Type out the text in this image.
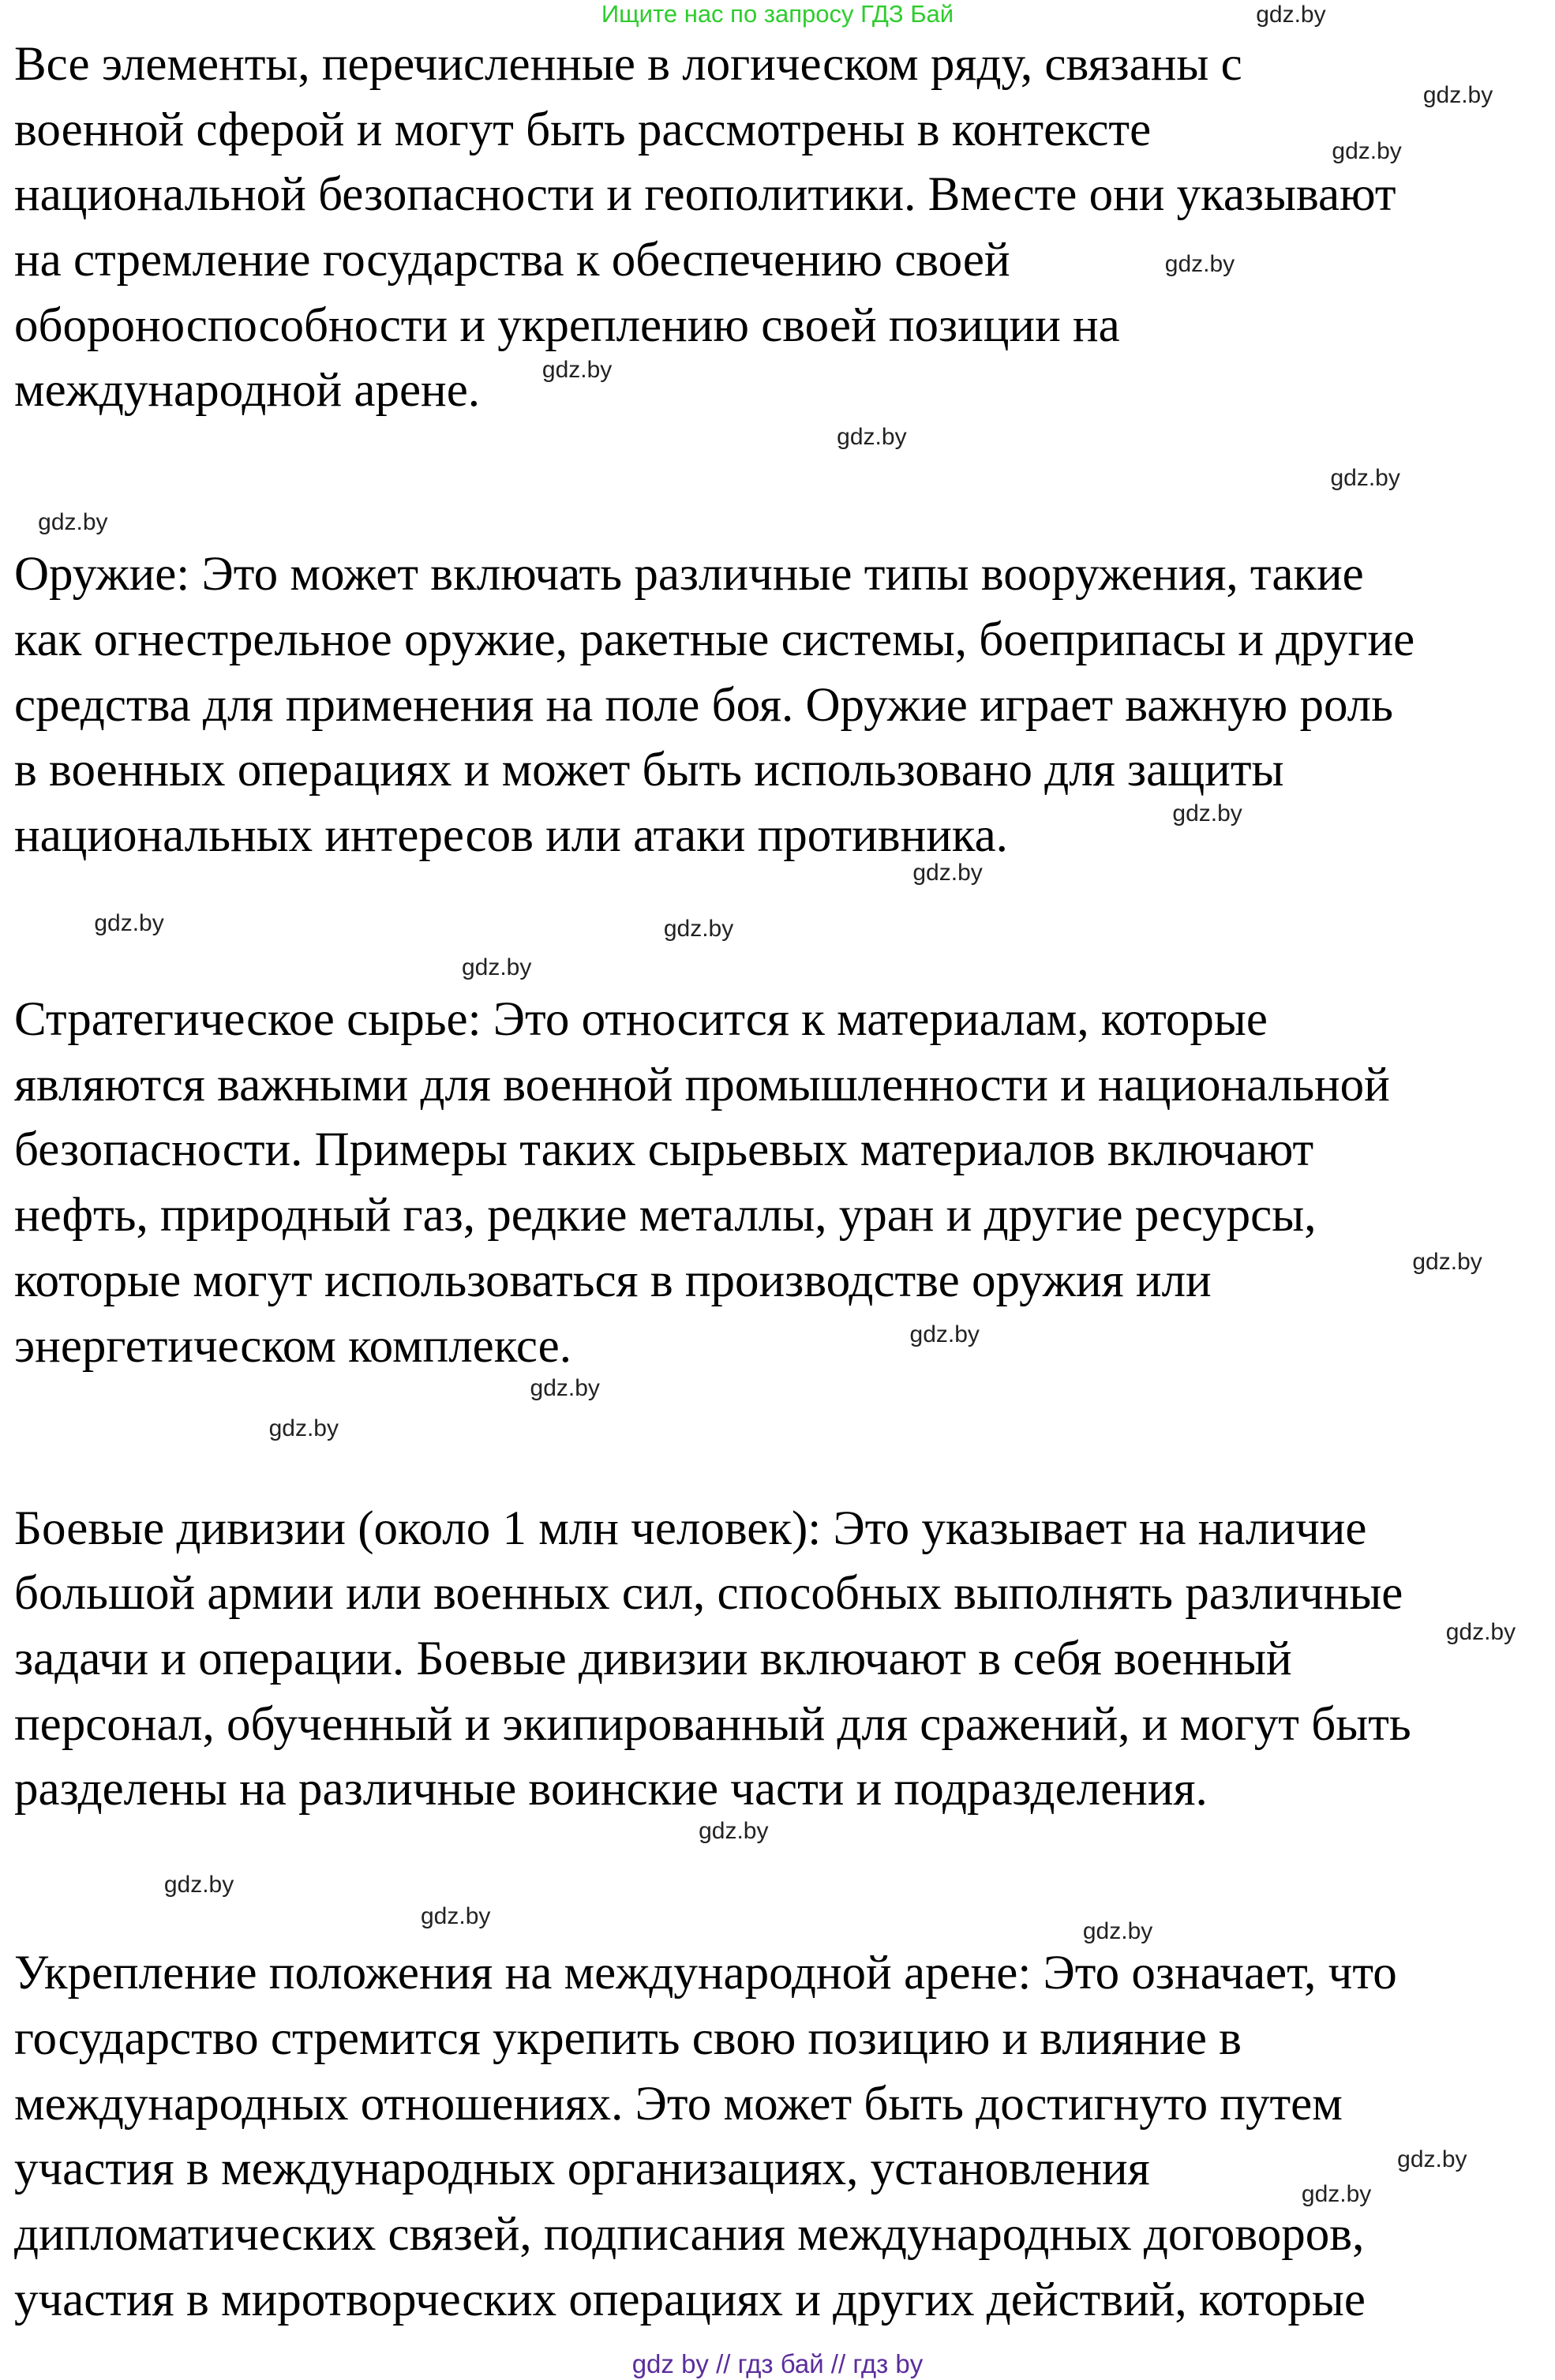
Ищите нас по запросу ГДЗ Бай
Все элементы, перечисленные в логическом ряду, связаны с
военной сферой и могут быть рассмотрены в контексте
национальной безопасности и геополитики. Вместе они указывают
на стремление государства к обеспечению своей
обороноспособности и укреплению своей позиции на
международной арене.
Оружие: Это может включать различные типы вооружения, такие
как огнестрельное оружие, ракетные системы, боеприпасы и другие
средства для применения на поле боя. Оружие играет важную роль
в военных операциях и может быть использовано для защиты
национальных интересов или атаки противника.
Стратегическое сырье: Это относится к материалам, которые
являются важными для военной промышленности и национальной
безопасности. Примеры таких сырьевых материалов включают
нефть, природный газ, редкие металлы, уран и другие ресурсы,
которые могут использоваться в производстве оружия или
энергетическом комплексе.
Боевые дивизии (около 1 млн человек): Это указывает на наличие
большой армии или военных сил, способных выполнять различные
задачи и операции. Боевые дивизии включают в себя военный
персонал, обученный и экипированный для сражений, и могут быть
разделены на различные воинские части и подразделения.
Укрепление положения на международной арене: Это означает, что
государство стремится укрепить свою позицию и влияние в
международных отношениях. Это может быть достигнуто путем
участия в международных организациях, установления
дипломатических связей, подписания международных договоров,
участия в миротворческих операциях и других действий, которые
gdz.by
gdz.by
gdz.by
gdz.by
gdz.by
gdz.by
gdz.by
gdz.by
gdz.by
gdz.by
gdz.by
gdz.by
gdz.by
gdz.by
gdz.by
gdz.by
gdz.by
gdz.by
gdz.by
gdz.by
gdz.by
gdz.by
gdz.by
gdz.by
gdz by // гдз бай // гдз by
